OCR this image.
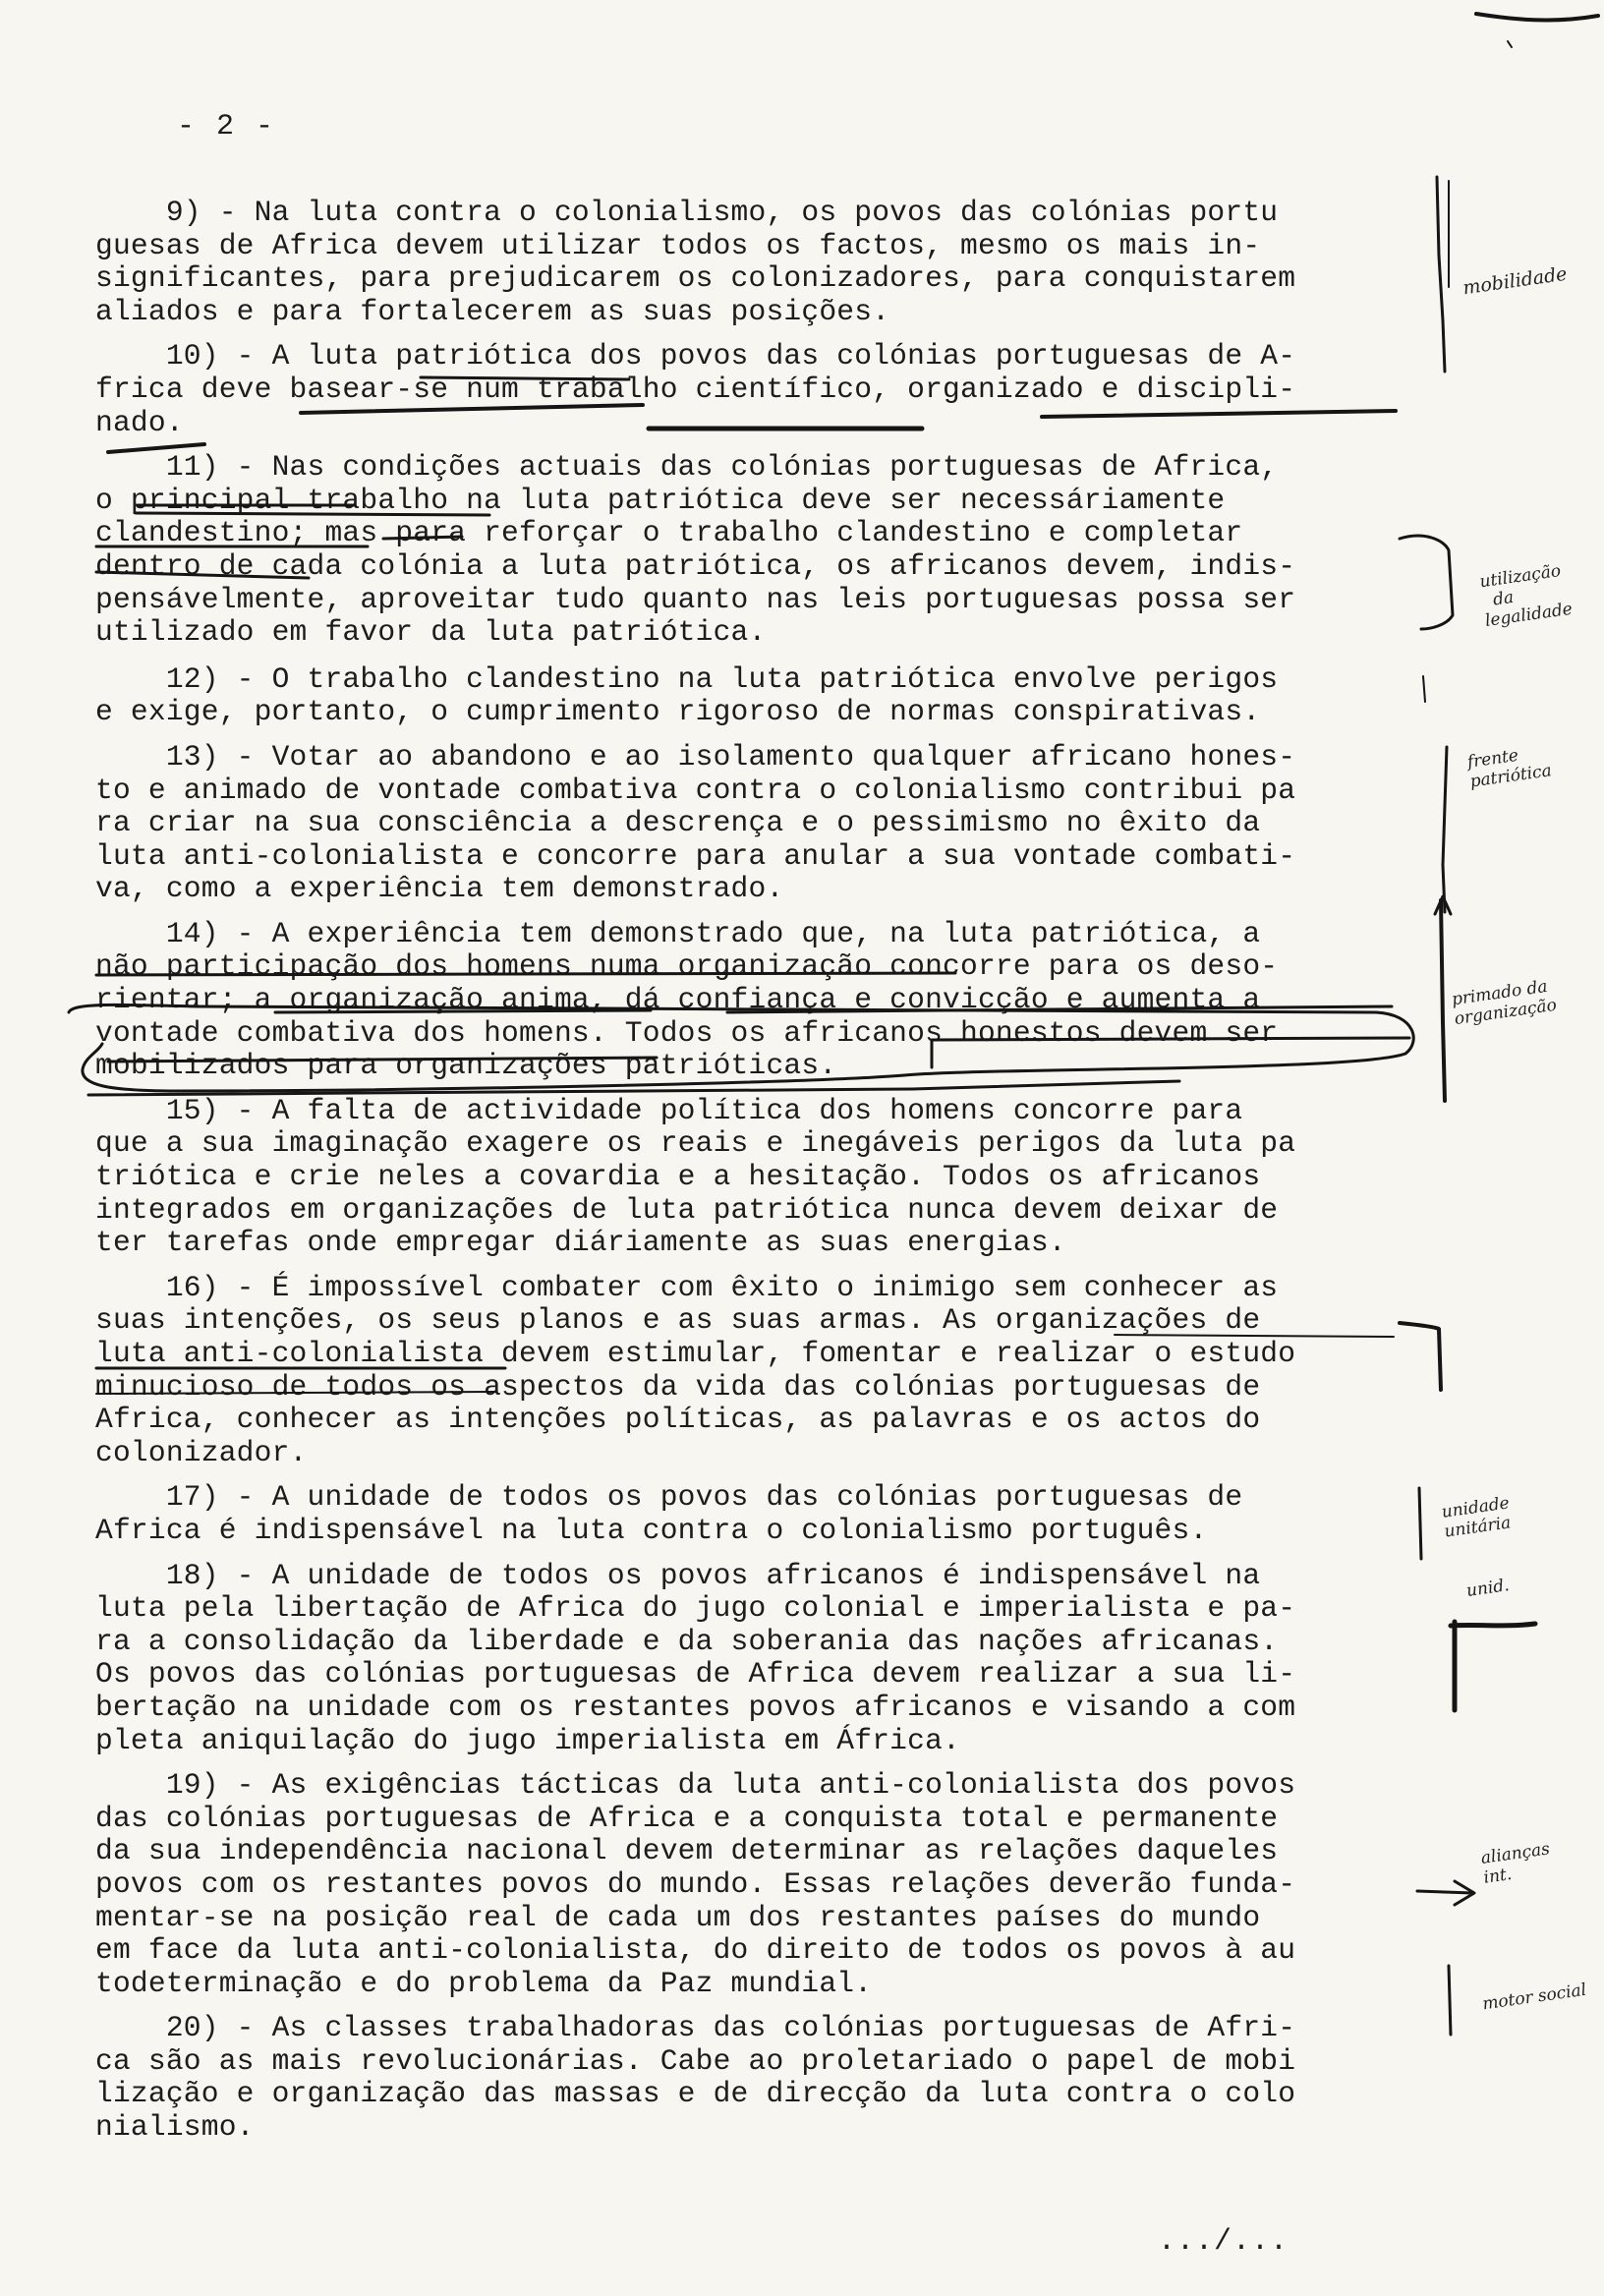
- 2 -
9) - Na luta contra o colonialismo, os povos das colónias portu
guesas de Africa devem utilizar todos os factos, mesmo os mais in-
significantes, para prejudicarem os colonizadores, para conquistarem
aliados e para fortalecerem as suas posições.
10) - A luta patriótica dos povos das colónias portuguesas de A-
frica deve basear-se num trabalho científico, organizado e discipli-
nado.
11) - Nas condições actuais das colónias portuguesas de Africa,
o principal trabalho na luta patriótica deve ser necessáriamente
clandestino; mas para reforçar o trabalho clandestino e completar
dentro de cada colónia a luta patriótica, os africanos devem, indis-
pensávelmente, aproveitar tudo quanto nas leis portuguesas possa ser
utilizado em favor da luta patriótica.
12) - O trabalho clandestino na luta patriótica envolve perigos
e exige, portanto, o cumprimento rigoroso de normas conspirativas.
13) - Votar ao abandono e ao isolamento qualquer africano hones-
to e animado de vontade combativa contra o colonialismo contribui pa
ra criar na sua consciência a descrença e o pessimismo no êxito da
luta anti-colonialista e concorre para anular a sua vontade combati-
va, como a experiência tem demonstrado.
14) - A experiência tem demonstrado que, na luta patriótica, a
não participação dos homens numa organização concorre para os deso-
rientar; a organização anima, dá confiança e convicção e aumenta a
vontade combativa dos homens. Todos os africanos honestos devem ser
mobilizados para organizações patrióticas.
15) - A falta de actividade política dos homens concorre para
que a sua imaginação exagere os reais e inegáveis perigos da luta pa
triótica e crie neles a covardia e a hesitação. Todos os africanos
integrados em organizações de luta patriótica nunca devem deixar de
ter tarefas onde empregar diáriamente as suas energias.
16) - É impossível combater com êxito o inimigo sem conhecer as
suas intenções, os seus planos e as suas armas. As organizações de
luta anti-colonialista devem estimular, fomentar e realizar o estudo
minucioso de todos os aspectos da vida das colónias portuguesas de
Africa, conhecer as intenções políticas, as palavras e os actos do
colonizador.
17) - A unidade de todos os povos das colónias portuguesas de
Africa é indispensável na luta contra o colonialismo português.
18) - A unidade de todos os povos africanos é indispensável na
luta pela libertação de Africa do jugo colonial e imperialista e pa-
ra a consolidação da liberdade e da soberania das nações africanas.
Os povos das colónias portuguesas de Africa devem realizar a sua li-
bertação na unidade com os restantes povos africanos e visando a com
pleta aniquilação do jugo imperialista em África.
19) - As exigências tácticas da luta anti-colonialista dos povos
das colónias portuguesas de Africa e a conquista total e permanente
da sua independência nacional devem determinar as relações daqueles
povos com os restantes povos do mundo. Essas relações deverão funda-
mentar-se na posição real de cada um dos restantes países do mundo
em face da luta anti-colonialista, do direito de todos os povos à au
todeterminação e do problema da Paz mundial.
20) - As classes trabalhadoras das colónias portuguesas de Afri-
ca são as mais revolucionárias. Cabe ao proletariado o papel de mobi
lização e organização das massas e de direcção da luta contra o colo
nialismo.
.../...
mobilidade
utilização
da
legalidade
frente
patriótica
primado da
organização
unidade
unitária
unid.
alianças
int.
motor social
